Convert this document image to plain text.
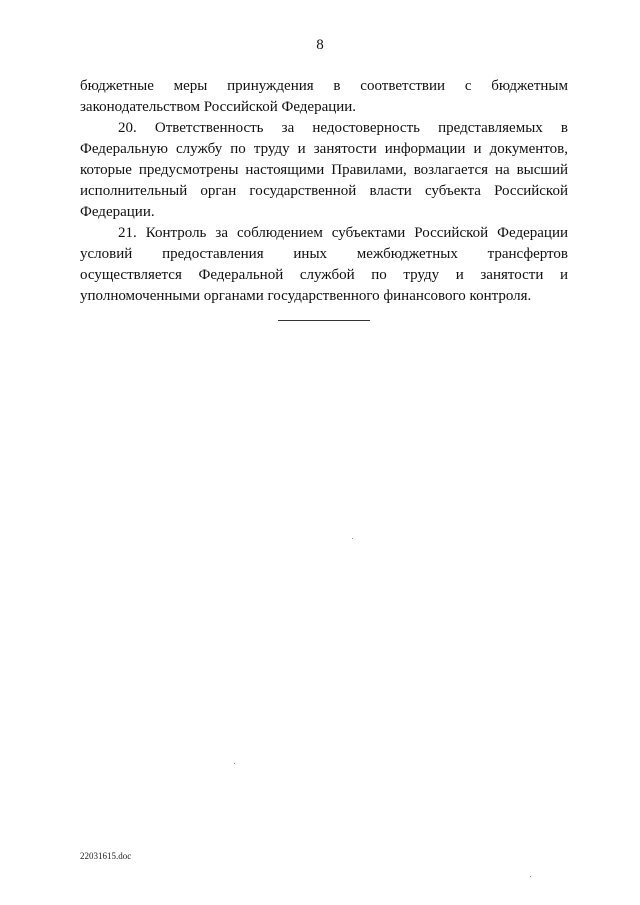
8

бюджетные меры принуждения в соответствии с бюджетным законодательством Российской Федерации.

20. Ответственность за недостоверность представляемых в Федеральную службу по труду и занятости информации и документов, которые предусмотрены настоящими Правилами, возлагается на высший исполнительный орган государственной власти субъекта Российской Федерации.

21. Контроль за соблюдением субъектами Российской Федерации условий предоставления иных межбюджетных трансфертов осуществляется Федеральной службой по труду и занятости и уполномоченными органами государственного финансового контроля.

22031615.doc
